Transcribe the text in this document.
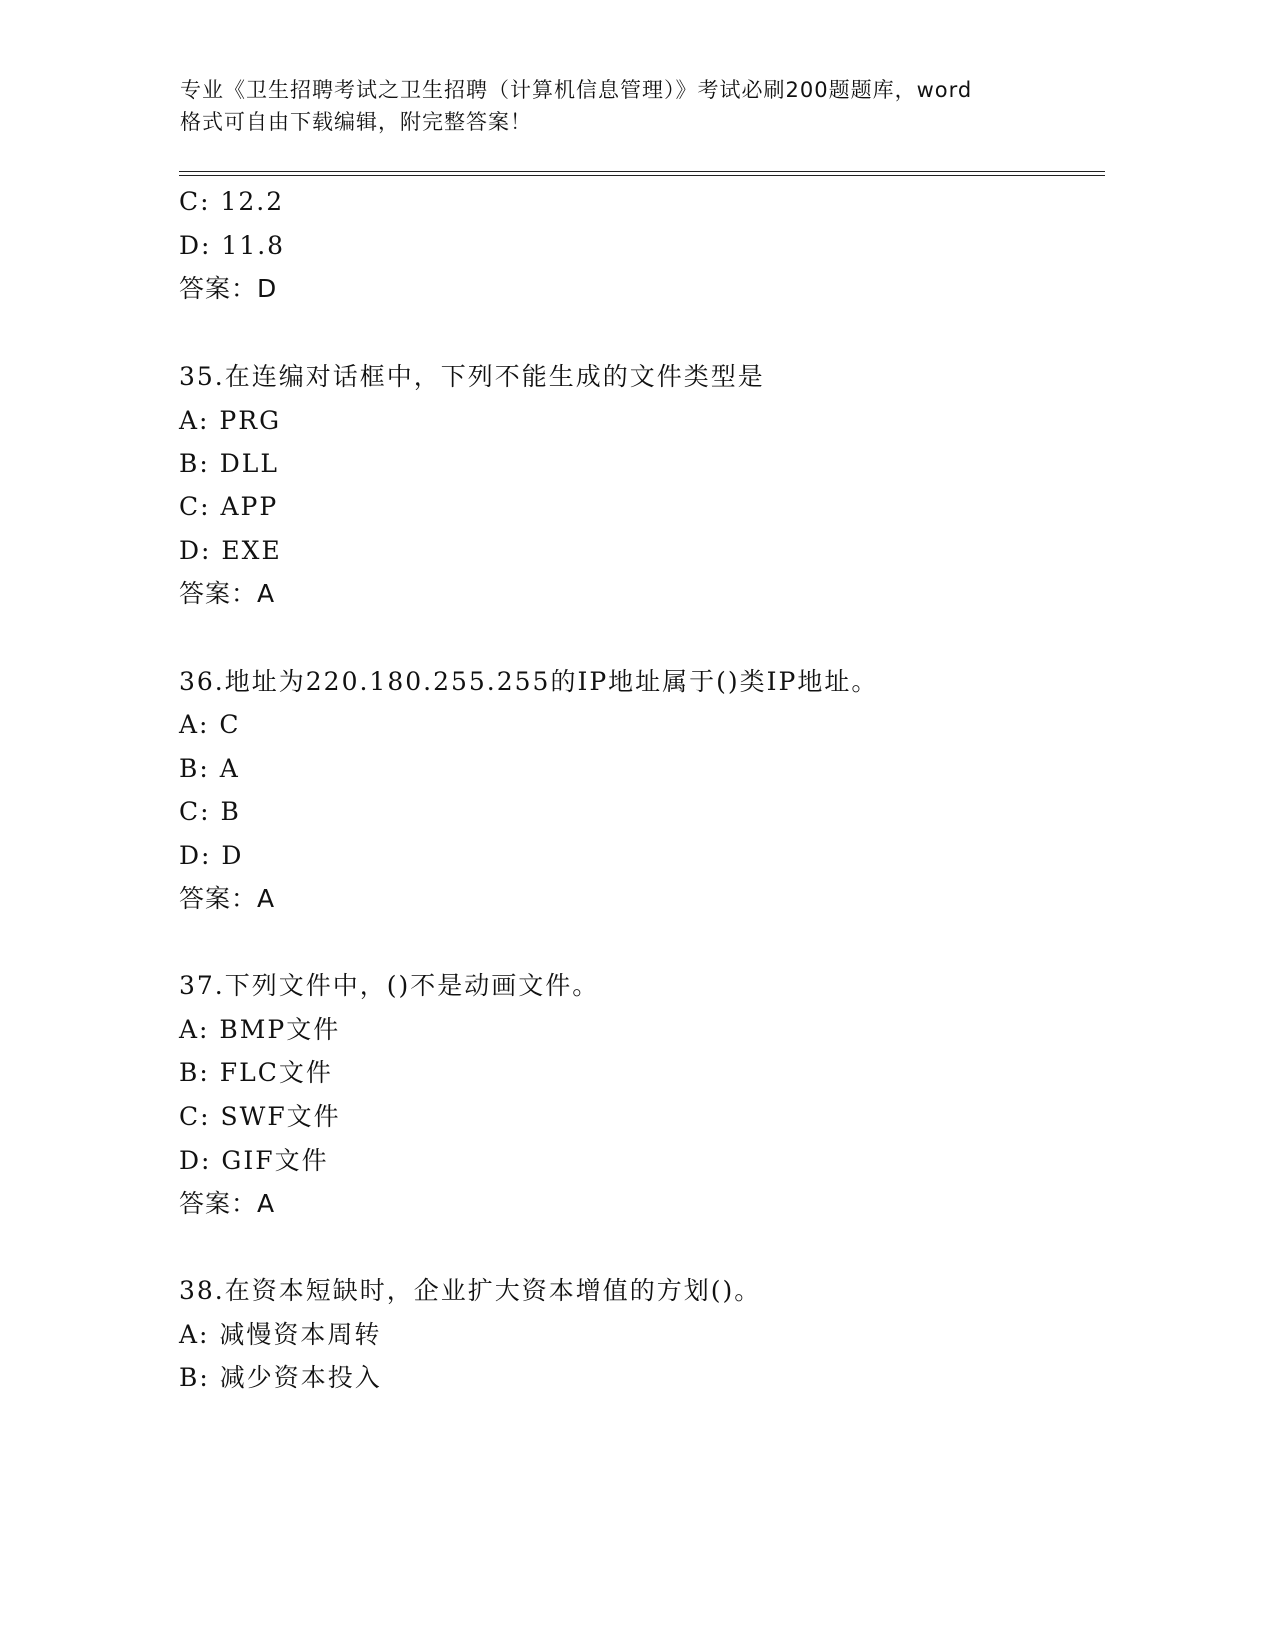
专业《卫生招聘考试之卫生招聘（计算机信息管理）》考试必刷200题题库，word
格式可自由下载编辑，附完整答案！
C: 12.2
D: 11.8
答案：D
35.在连编对话框中，下列不能生成的文件类型是
A: PRG
B: DLL
C: APP
D: EXE
答案：A
36.地址为220.180.255.255的IP地址属于()类IP地址。
A: C
B: A
C: B
D: D
答案：A
37.下列文件中，()不是动画文件。
A: BMP文件
B: FLC文件
C: SWF文件
D: GIF文件
答案：A
38.在资本短缺时，企业扩大资本增值的方划()。
A: 减慢资本周转
B: 减少资本投入
